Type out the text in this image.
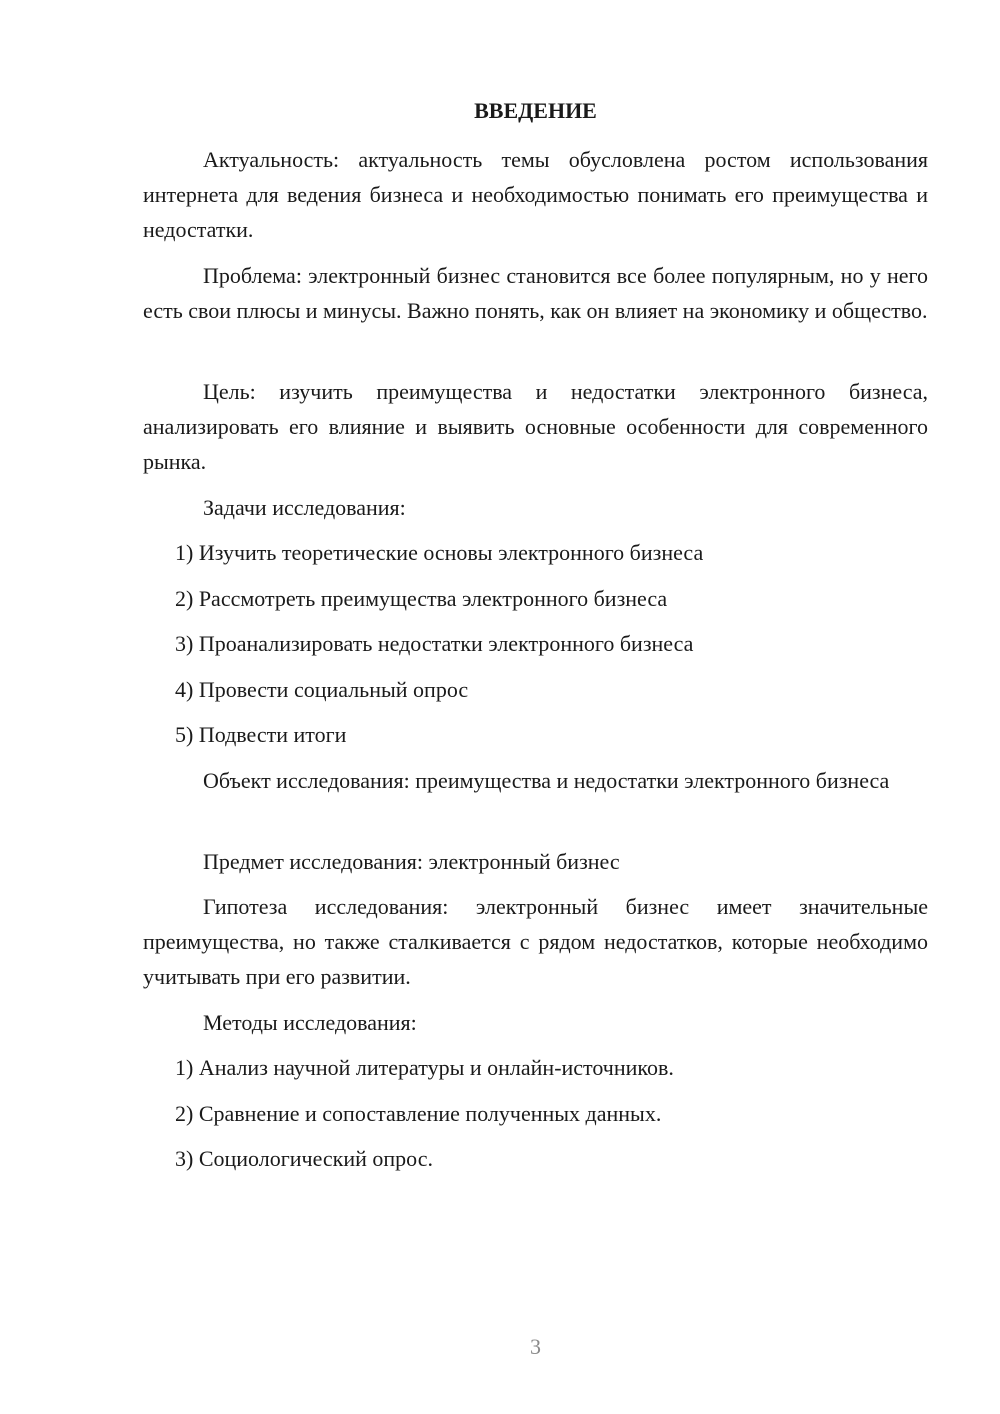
ВВЕДЕНИЕ

Актуальность: актуальность темы обусловлена ростом использования интернета для ведения бизнеса и необходимостью понимать его преимущества и недостатки.

Проблема: электронный бизнес становится все более популярным, но у него есть свои плюсы и минусы. Важно понять, как он влияет на экономику и общество.

Цель: изучить преимущества и недостатки электронного бизнеса, анализировать его влияние и выявить основные особенности для современного рынка.

Задачи исследования:

1) Изучить теоретические основы электронного бизнеса

2) Рассмотреть преимущества электронного бизнеса

3) Проанализировать недостатки электронного бизнеса

4) Провести социальный опрос

5) Подвести итоги

Объект исследования: преимущества и недостатки электронного бизнеса

Предмет исследования: электронный бизнес

Гипотеза исследования: электронный бизнес имеет значительные преимущества, но также сталкивается с рядом недостатков, которые необходимо учитывать при его развитии.

Методы исследования:

1) Анализ научной литературы и онлайн-источников.

2) Сравнение и сопоставление полученных данных.

3) Социологический опрос.

3
